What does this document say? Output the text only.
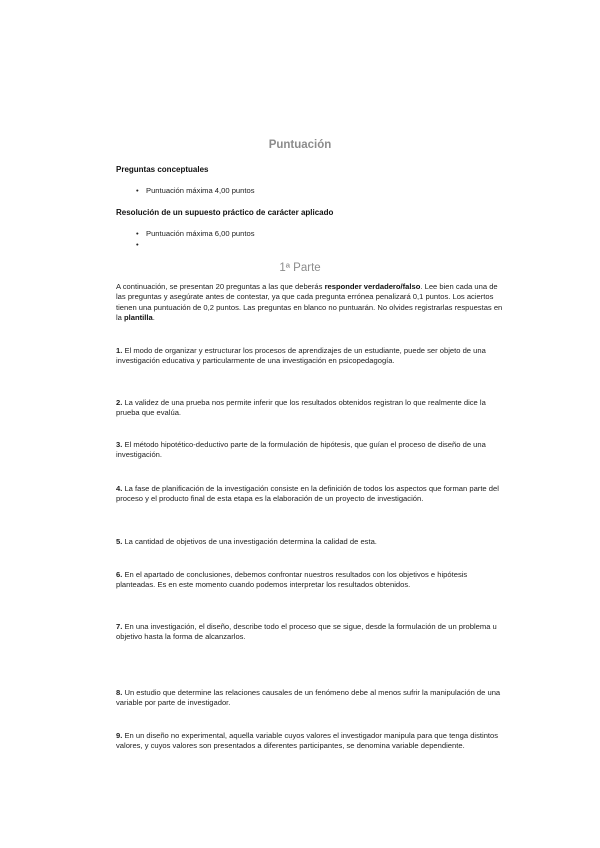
Puntuación
Preguntas conceptuales
• Puntuación máxima 4,00 puntos
Resolución de un supuesto práctico de carácter aplicado
• Puntuación máxima 6,00 puntos
1ª Parte
A continuación, se presentan 20 preguntas a las que deberás responder verdadero/falso. Lee bien cada una de las preguntas y asegúrate antes de contestar, ya que cada pregunta errónea penalizará 0,1 puntos. Los aciertos tienen una puntuación de 0,2 puntos. Las preguntas en blanco no puntuarán. No olvides registrarlas respuestas en la plantilla.
1. El modo de organizar y estructurar los procesos de aprendizajes de un estudiante, puede ser objeto de una investigación educativa y particularmente de una investigación en psicopedagogía.
2. La validez de una prueba nos permite inferir que los resultados obtenidos registran lo que realmente dice la prueba que evalúa.
3. El método hipotético-deductivo parte de la formulación de hipótesis, que guían el proceso de diseño de una investigación.
4. La fase de planificación de la investigación consiste en la definición de todos los aspectos que forman parte del proceso y el producto final de esta etapa es la elaboración de un proyecto de investigación.
5. La cantidad de objetivos de una investigación determina la calidad de esta.
6. En el apartado de conclusiones, debemos confrontar nuestros resultados con los objetivos e hipótesis planteadas. Es en este momento cuando podemos interpretar los resultados obtenidos.
7. En una investigación, el diseño, describe todo el proceso que se sigue, desde la formulación de un problema u objetivo hasta la forma de alcanzarlos.
8. Un estudio que determine las relaciones causales de un fenómeno debe al menos sufrir la manipulación de una variable por parte de investigador.
9. En un diseño no experimental, aquella variable cuyos valores el investigador manipula para que tenga distintos valores, y cuyos valores son presentados a diferentes participantes, se denomina variable dependiente.
